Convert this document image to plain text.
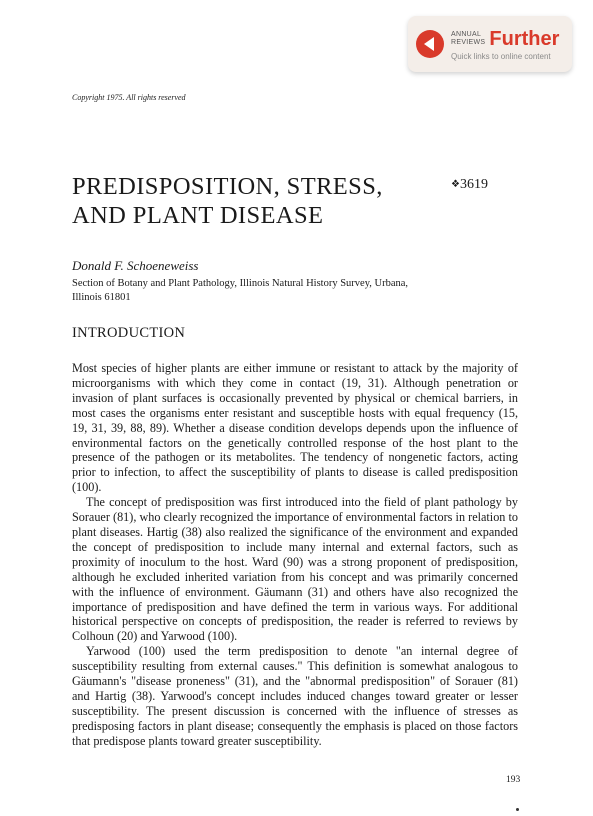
ANNUAL
REVIEWS Further
Quick links to online content
Copyright 1975. All rights reserved
PREDISPOSITION, STRESS, AND PLANT DISEASE
❖3619
Donald F. Schoeneweiss
Section of Botany and Plant Pathology, Illinois Natural History Survey, Urbana, Illinois 61801
INTRODUCTION

Most species of higher plants are either immune or resistant to attack by the majority of microorganisms with which they come in contact (19, 31). Although penetration or invasion of plant surfaces is occasionally prevented by physical or chemical barriers, in most cases the organisms enter resistant and susceptible hosts with equal frequency (15, 19, 31, 39, 88, 89). Whether a disease condition develops depends upon the influence of environmental factors on the genetically controlled response of the host plant to the presence of the pathogen or its metabolites. The tendency of nongenetic factors, acting prior to infection, to affect the susceptibility of plants to disease is called predisposition (100).

The concept of predisposition was first introduced into the field of plant pathology by Sorauer (81), who clearly recognized the importance of environmental factors in relation to plant diseases. Hartig (38) also realized the significance of the environment and expanded the concept of predisposition to include many internal and external factors, such as proximity of inoculum to the host. Ward (90) was a strong proponent of predisposition, although he excluded inherited variation from his concept and was primarily concerned with the influence of environment. Gäumann (31) and others have also recognized the importance of predisposition and have defined the term in various ways. For additional historical perspective on concepts of predisposition, the reader is referred to reviews by Colhoun (20) and Yarwood (100).

Yarwood (100) used the term predisposition to denote "an internal degree of susceptibility resulting from external causes." This definition is somewhat analogous to Gäumann's "disease proneness" (31), and the "abnormal predisposition" of Sorauer (81) and Hartig (38). Yarwood's concept includes induced changes toward greater or lesser susceptibility. The present discussion is concerned with the influence of stresses as predisposing factors in plant disease; consequently the emphasis is placed on those factors that predispose plants toward greater susceptibility.

193
